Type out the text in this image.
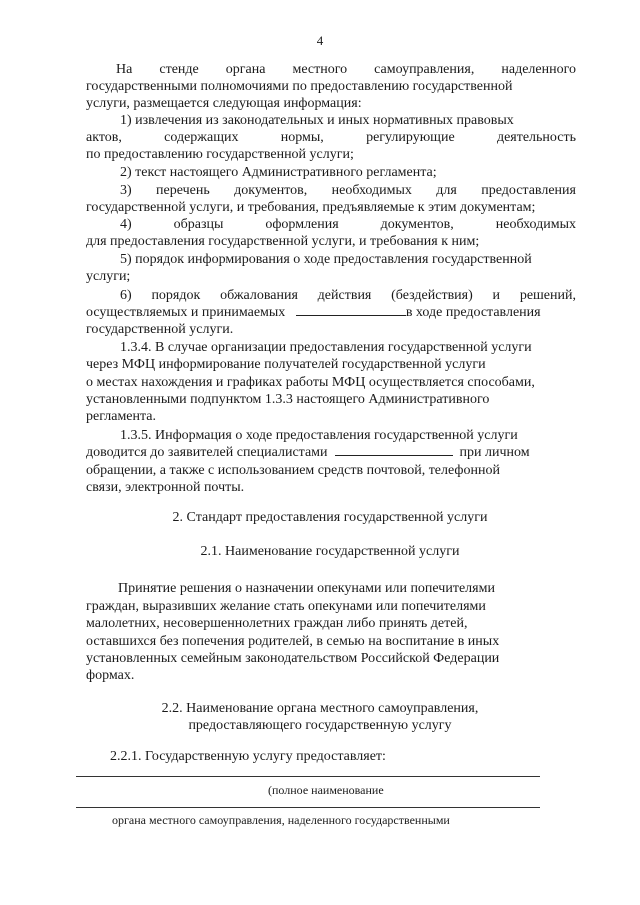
4
На стенде органа местного самоуправления, наделенного
государственными полномочиями по предоставлению государственной
услуги, размещается следующая информация:
1) извлечения из законодательных и иных нормативных правовых
актов,	содержащих	нормы,	регулирующие	деятельность
по предоставлению государственной услуги;
2) текст настоящего Административного регламента;
3) перечень документов, необходимых для предоставления
государственной услуги, и требования, предъявляемые к этим документам;
4)	образцы	оформления	документов,	необходимых
для предоставления государственной услуги, и требования к ним;
5) порядок информирования о ходе предоставления государственной
услуги;
6) порядок обжалования действия (бездействия) и решений,
осуществляемых и принимаемых	в ходе предоставления
государственной услуги.
1.3.4. В случае организации предоставления государственной услуги
через МФЦ информирование получателей государственной услуги
о местах нахождения и графиках работы МФЦ осуществляется способами,
установленными подпунктом 1.3.3 настоящего Административного
регламента.
1.3.5. Информация о ходе предоставления государственной услуги
доводится до заявителей специалистами	при личном
обращении, а также с использованием средств почтовой, телефонной
связи, электронной почты.
2. Стандарт предоставления государственной услуги
2.1. Наименование государственной услуги
Принятие решения о назначении опекунами или попечителями
граждан, выразивших желание стать опекунами или попечителями
малолетних, несовершеннолетних граждан либо принять детей,
оставшихся без попечения родителей, в семью на воспитание в иных
установленных семейным законодательством Российской Федерации
формах.
2.2. Наименование органа местного самоуправления,
предоставляющего государственную услугу
2.2.1. Государственную услугу предоставляет:
(полное наименование
органа местного самоуправления, наделенного государственными
